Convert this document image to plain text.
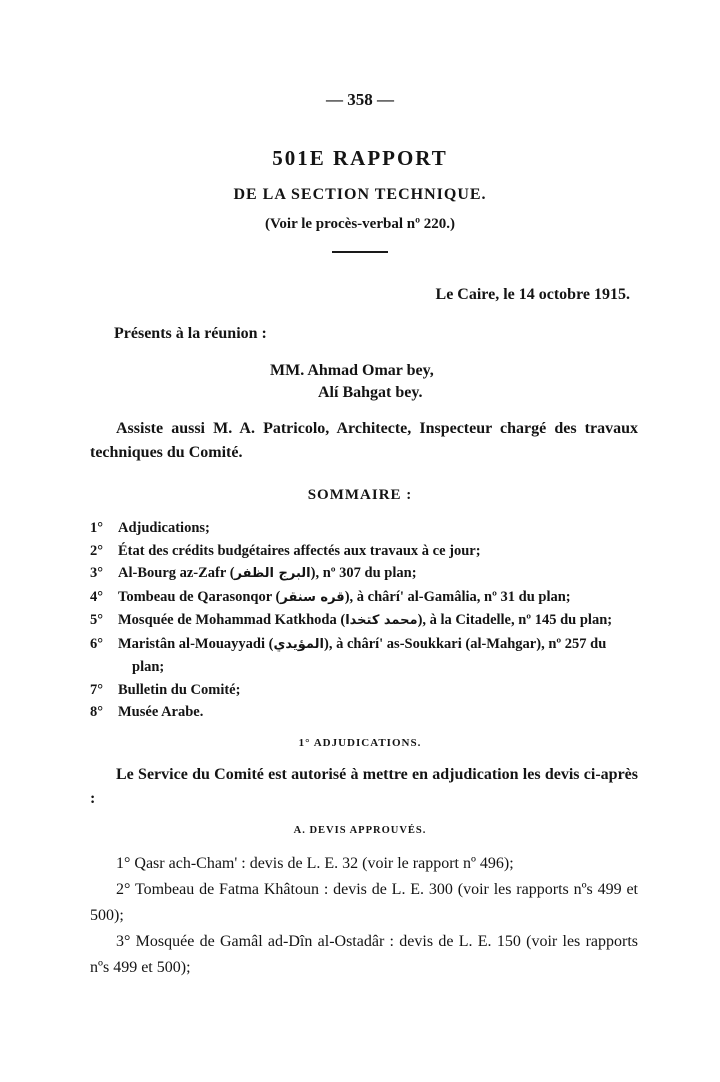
— 358 —
501E RAPPORT
DE LA SECTION TECHNIQUE.
(Voir le procès-verbal nº 220.)
Le Caire, le 14 octobre 1915.
Présents à la réunion :
MM. Ahmad Omar bey,
Alí Bahgat bey.
Assiste aussi M. A. Patricolo, Architecte, Inspecteur chargé des travaux techniques du Comité.
SOMMAIRE :
1° Adjudications;
2° État des crédits budgétaires affectés aux travaux à ce jour;
3° Al-Bourg az-Zafr (البرج الظفر), nº 307 du plan;
4° Tombeau de Qarasonqor (قره سنقر), à chârí' al-Gamâlia, nº 31 du plan;
5° Mosquée de Mohammad Katkhoda (محمد كتخدا), à la Citadelle, nº 145 du plan;
6° Maristân al-Mouayyadi (المؤيدي), à chârí' as-Soukkari (al-Mahgar), nº 257 du
plan;
7° Bulletin du Comité;
8° Musée Arabe.
1° ADJUDICATIONS.
Le Service du Comité est autorisé à mettre en adjudication les devis ci-après :
A. DEVIS APPROUVÉS.
1° Qasr ach-Cham' : devis de L. E. 32 (voir le rapport nº 496);
2° Tombeau de Fatma Khâtoun : devis de L. E. 300 (voir les rapports nºs 499 et 500);
3° Mosquée de Gamâl ad-Dîn al-Ostadâr : devis de L. E. 150 (voir les rapports nºs 499 et 500);
